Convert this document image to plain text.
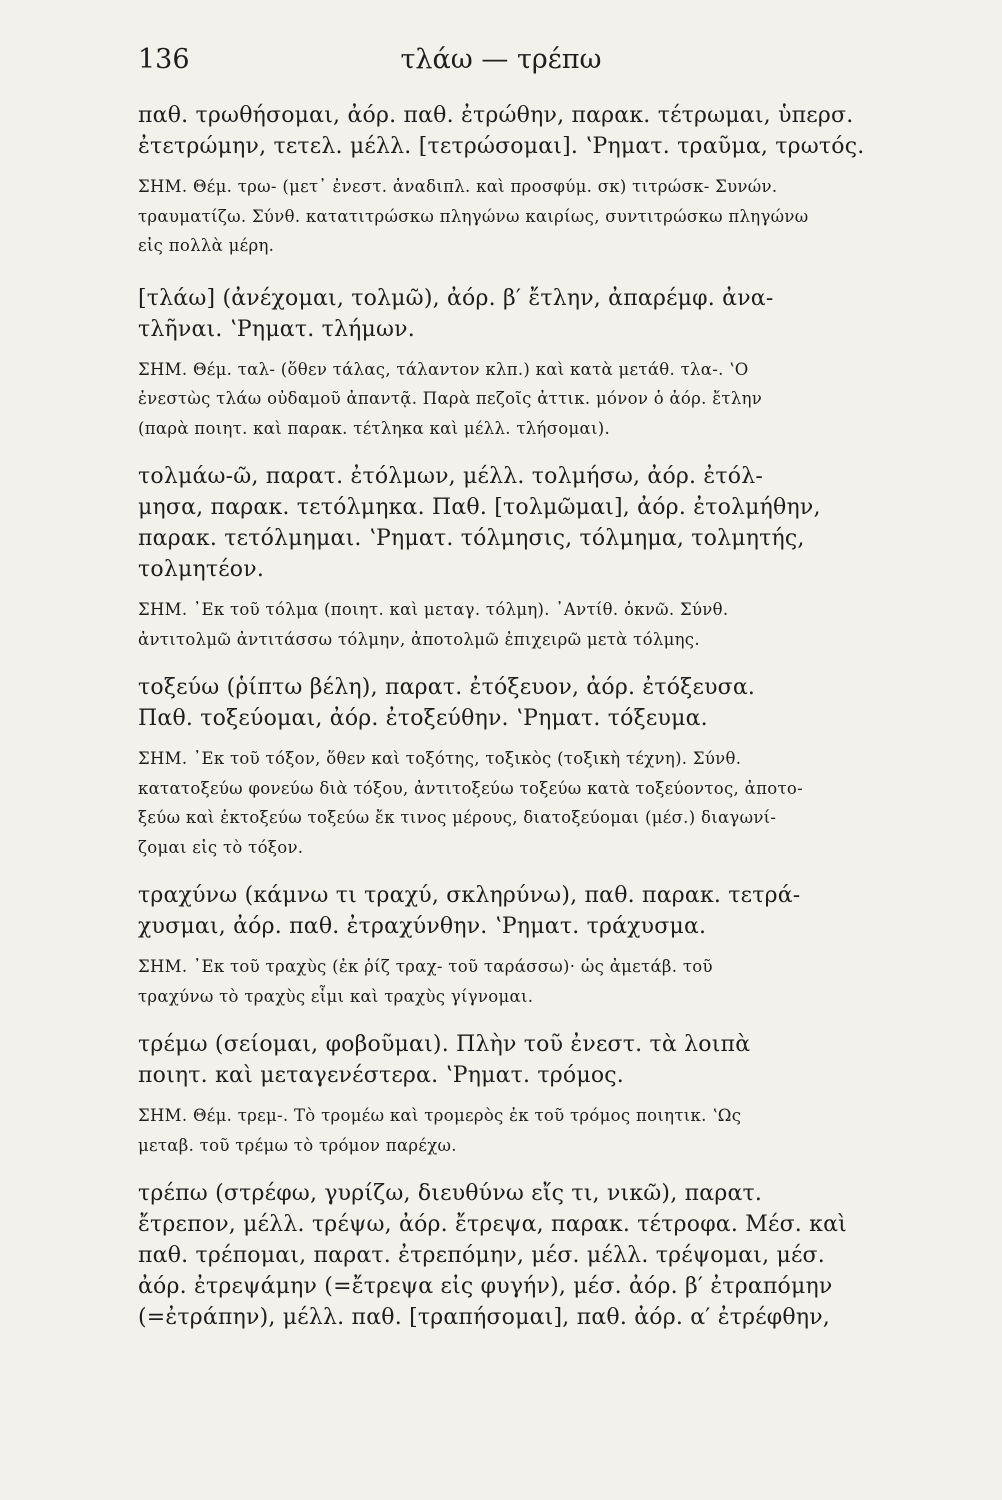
136	τλάω — τρέπω
παθ. τρωθήσομαι, ἀόρ. παθ. ἐτρώθην, παρακ. τέτρωμαι, ὑπερσ.
ἐτετρώμην, τετελ. μέλλ. [τετρώσομαι]. ʽΡηματ. τραῦμα, τρωτός.
ΣΗΜ. Θέμ. τρω- (μετ᾽ ἐνεστ. ἀναδιπλ. καὶ προσφύμ. σκ) τιτρώσκ- Συνών.
τραυματίζω. Σύνθ. κατατιτρώσκω πληγώνω καιρίως, συντιτρώσκω πληγώνω
εἰς πολλὰ μέρη.
[τλάω] (ἀνέχομαι, τολμῶ), ἀόρ. β′ ἔτλην, ἀπαρέμφ. ἀνα-
τλῆναι. ʽΡηματ. τλήμων.
ΣΗΜ. Θέμ. ταλ- (ὅθεν τάλας, τάλαντον κλπ.) καὶ κατὰ μετάθ. τλα-. ʽΟ
ἐνεστὼς τλάω οὐδαμοῦ ἀπαντᾷ. Παρὰ πεζοῖς ἀττικ. μόνον ὁ ἀόρ. ἔτλην
(παρὰ ποιητ. καὶ παρακ. τέτληκα καὶ μέλλ. τλήσομαι).
τολμάω-ῶ, παρατ. ἐτόλμων, μέλλ. τολμήσω, ἀόρ. ἐτόλ-
μησα, παρακ. τετόλμηκα. Παθ. [τολμῶμαι], ἀόρ. ἐτολμήθην,
παρακ. τετόλμημαι. ʽΡηματ. τόλμησις, τόλμημα, τολμητής,
τολμητέον.
ΣΗΜ. ᾽Εκ τοῦ τόλμα (ποιητ. καὶ μεταγ. τόλμη). ᾽Αντίθ. ὀκνῶ. Σύνθ.
ἀντιτολμῶ ἀντιτάσσω τόλμην, ἀποτολμῶ ἐπιχειρῶ μετὰ τόλμης.
τοξεύω (ῥίπτω βέλη), παρατ. ἐτόξευον, ἀόρ. ἐτόξευσα.
Παθ. τοξεύομαι, ἀόρ. ἐτοξεύθην. ʽΡηματ. τόξευμα.
ΣΗΜ. ᾽Εκ τοῦ τόξον, ὅθεν καὶ τοξότης, τοξικὸς (τοξικὴ τέχνη). Σύνθ.
κατατοξεύω φονεύω διὰ τόξου, ἀντιτοξεύω τοξεύω κατὰ τοξεύοντος, ἀποτο-
ξεύω καὶ ἐκτοξεύω τοξεύω ἔκ τινος μέρους, διατοξεύομαι (μέσ.) διαγωνί-
ζομαι εἰς τὸ τόξον.
τραχύνω (κάμνω τι τραχύ, σκληρύνω), παθ. παρακ. τετρά-
χυσμαι, ἀόρ. παθ. ἐτραχύνθην. ʽΡηματ. τράχυσμα.
ΣΗΜ. ᾽Εκ τοῦ τραχὺς (ἐκ ῥίζ τραχ- τοῦ ταράσσω)· ὡς ἀμετάβ. τοῦ
τραχύνω τὸ τραχὺς εἶμι καὶ τραχὺς γίγνομαι.
τρέμω (σείομαι, φοβοῦμαι). Πλὴν τοῦ ἐνεστ. τὰ λοιπὰ
ποιητ. καὶ μεταγενέστερα. ʽΡηματ. τρόμος.
ΣΗΜ. Θέμ. τρεμ-. Τὸ τρομέω καὶ τρομερὸς ἐκ τοῦ τρόμος ποιητικ. ʽΩς
μεταβ. τοῦ τρέμω τὸ τρόμον παρέχω.
τρέπω (στρέφω, γυρίζω, διευθύνω εἴς τι, νικῶ), παρατ.
ἔτρεπον, μέλλ. τρέψω, ἀόρ. ἔτρεψα, παρακ. τέτροφα. Μέσ. καὶ
παθ. τρέπομαι, παρατ. ἐτρεπόμην, μέσ. μέλλ. τρέψομαι, μέσ.
ἀόρ. ἐτρεψάμην (=ἔτρεψα εἰς φυγήν), μέσ. ἀόρ. β′ ἐτραπόμην
(=ἐτράπην), μέλλ. παθ. [τραπήσομαι], παθ. ἀόρ. α′ ἐτρέφθην,
